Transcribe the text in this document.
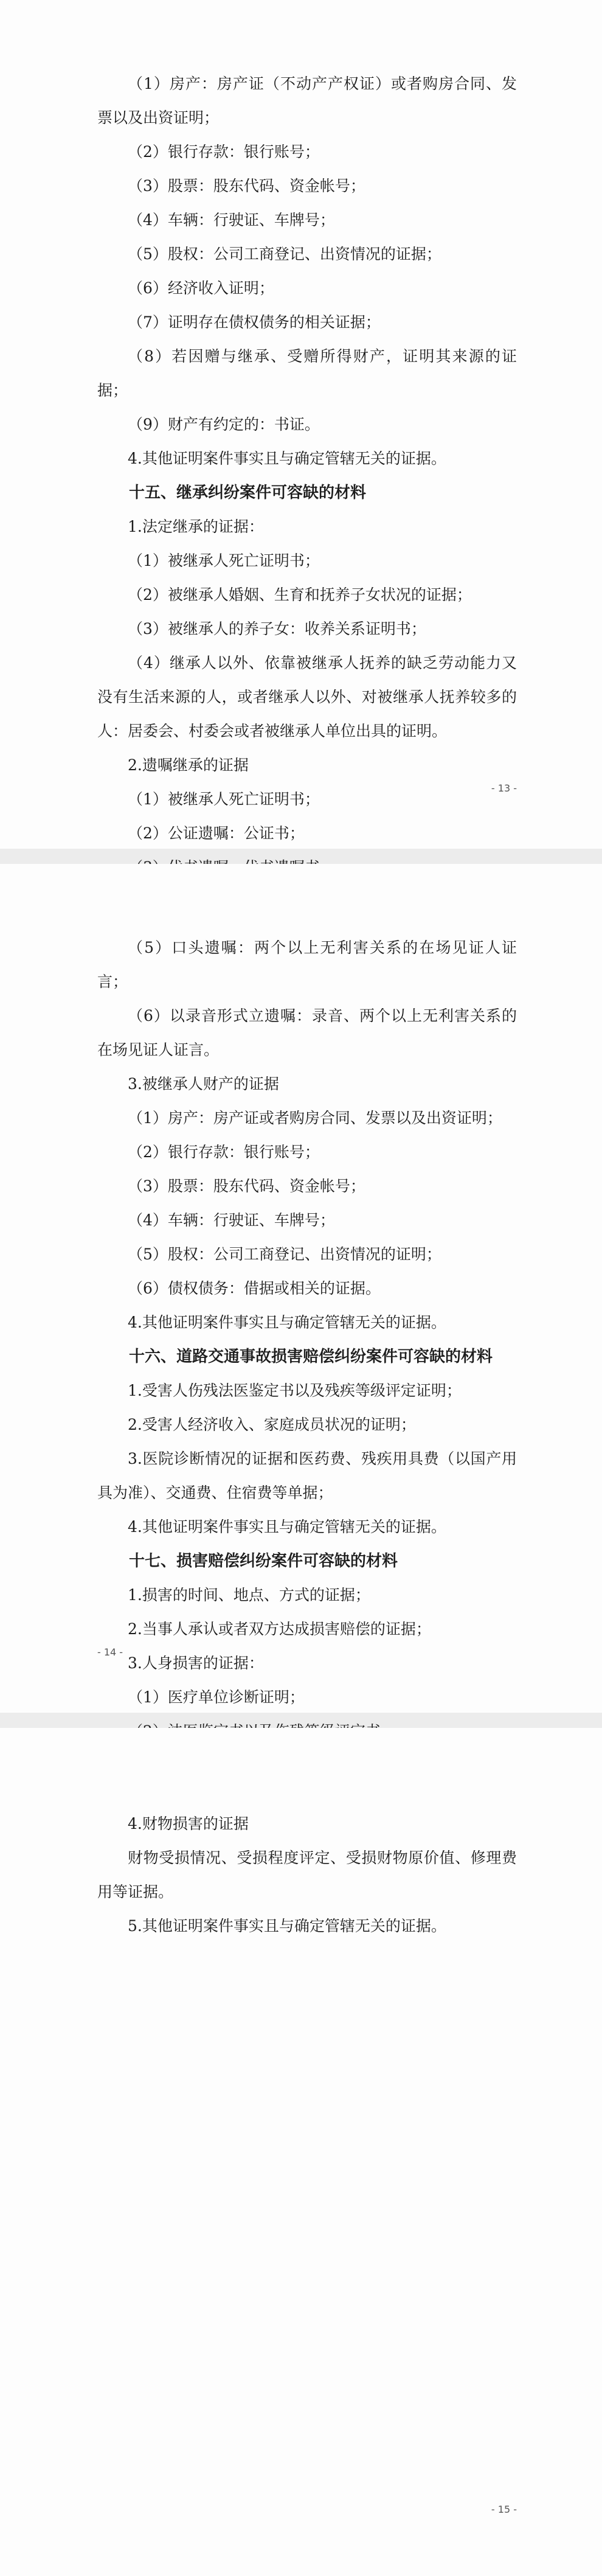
（1）房产：房产证（不动产产权证）或者购房合同、发票以及出资证明；

（2）银行存款：银行账号；

（3）股票：股东代码、资金帐号；

（4）车辆：行驶证、车牌号；

（5）股权：公司工商登记、出资情况的证据；

（6）经济收入证明；

（7）证明存在债权债务的相关证据；

（8）若因赠与继承、受赠所得财产，证明其来源的证据；

（9）财产有约定的：书证。

4.其他证明案件事实且与确定管辖无关的证据。

十五、继承纠纷案件可容缺的材料

1.法定继承的证据：

（1）被继承人死亡证明书；

（2）被继承人婚姻、生育和抚养子女状况的证据；

（3）被继承人的养子女：收养关系证明书；

（4）继承人以外、依靠被继承人抚养的缺乏劳动能力又没有生活来源的人，或者继承人以外、对被继承人抚养较多的人：居委会、村委会或者被继承人单位出具的证明。

2.遗嘱继承的证据

（1）被继承人死亡证明书；

（2）公证遗嘱：公证书；

- 13 -

（5）口头遗嘱：两个以上无利害关系的在场见证人证言；

（6）以录音形式立遗嘱：录音、两个以上无利害关系的在场见证人证言。

3.被继承人财产的证据

（1）房产：房产证或者购房合同、发票以及出资证明；

（2）银行存款：银行账号；

（3）股票：股东代码、资金帐号；

（4）车辆：行驶证、车牌号；

（5）股权：公司工商登记、出资情况的证明；

（6）债权债务：借据或相关的证据。

4.其他证明案件事实且与确定管辖无关的证据。

十六、道路交通事故损害赔偿纠纷案件可容缺的材料

1.受害人伤残法医鉴定书以及残疾等级评定证明；

2.受害人经济收入、家庭成员状况的证明；

3.医院诊断情况的证据和医药费、残疾用具费（以国产用具为准）、交通费、住宿费等单据；

4.其他证明案件事实且与确定管辖无关的证据。

十七、损害赔偿纠纷案件可容缺的材料

1.损害的时间、地点、方式的证据；

2.当事人承认或者双方达成损害赔偿的证据；

3.人身损害的证据：

（1）医疗单位诊断证明；

- 14 -

4.财物损害的证据

财物受损情况、受损程度评定、受损财物原价值、修理费用等证据。

5.其他证明案件事实且与确定管辖无关的证据。

- 15 -
